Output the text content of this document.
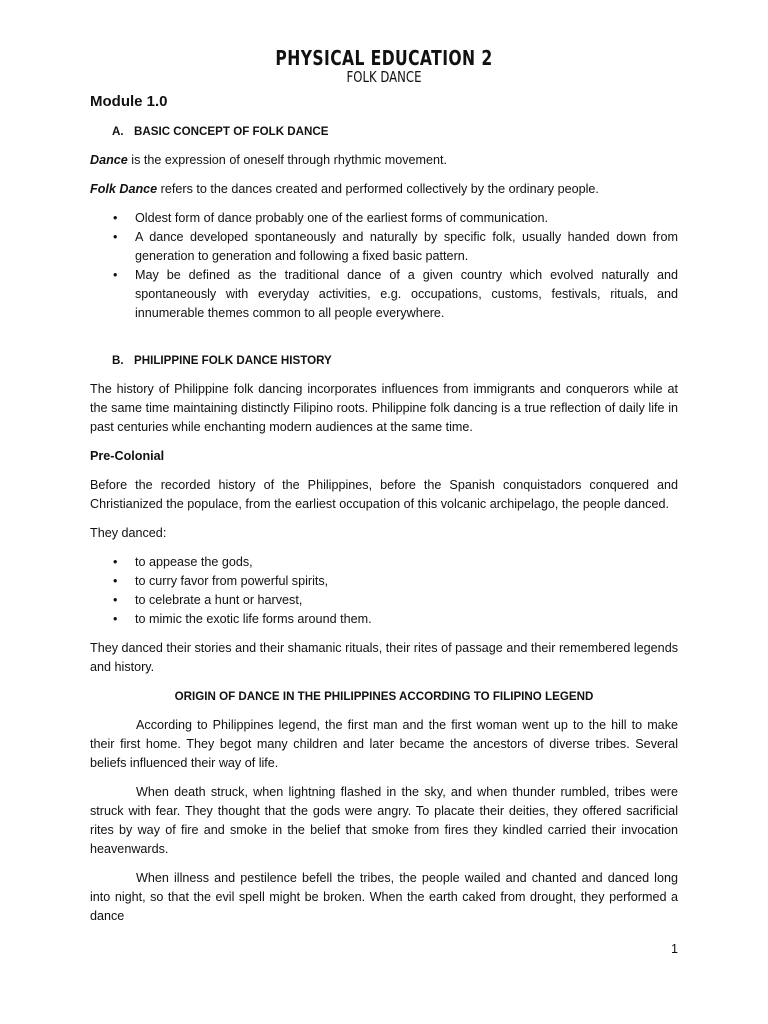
PHYSICAL EDUCATION 2
FOLK DANCE
Module 1.0

A. BASIC CONCEPT OF FOLK DANCE

Dance is the expression of oneself through rhythmic movement.

Folk Dance refers to the dances created and performed collectively by the ordinary people.

• Oldest form of dance probably one of the earliest forms of communication.
• A dance developed spontaneously and naturally by specific folk, usually handed down from generation to generation and following a fixed basic pattern.
• May be defined as the traditional dance of a given country which evolved naturally and spontaneously with everyday activities, e.g. occupations, customs, festivals, rituals, and innumerable themes common to all people everywhere.

B. PHILIPPINE FOLK DANCE HISTORY

The history of Philippine folk dancing incorporates influences from immigrants and conquerors while at the same time maintaining distinctly Filipino roots. Philippine folk dancing is a true reflection of daily life in past centuries while enchanting modern audiences at the same time.

Pre-Colonial

Before the recorded history of the Philippines, before the Spanish conquistadors conquered and Christianized the populace, from the earliest occupation of this volcanic archipelago, the people danced.

They danced:

• to appease the gods,
• to curry favor from powerful spirits,
• to celebrate a hunt or harvest,
• to mimic the exotic life forms around them.

They danced their stories and their shamanic rituals, their rites of passage and their remembered legends and history.

ORIGIN OF DANCE IN THE PHILIPPINES ACCORDING TO FILIPINO LEGEND

According to Philippines legend, the first man and the first woman went up to the hill to make their first home. They begot many children and later became the ancestors of diverse tribes. Several beliefs influenced their way of life.

When death struck, when lightning flashed in the sky, and when thunder rumbled, tribes were struck with fear. They thought that the gods were angry. To placate their deities, they offered sacrificial rites by way of fire and smoke in the belief that smoke from fires they kindled carried their invocation heavenwards.

When illness and pestilence befell the tribes, the people wailed and chanted and danced long into night, so that the evil spell might be broken. When the earth caked from drought, they performed a dance

1
